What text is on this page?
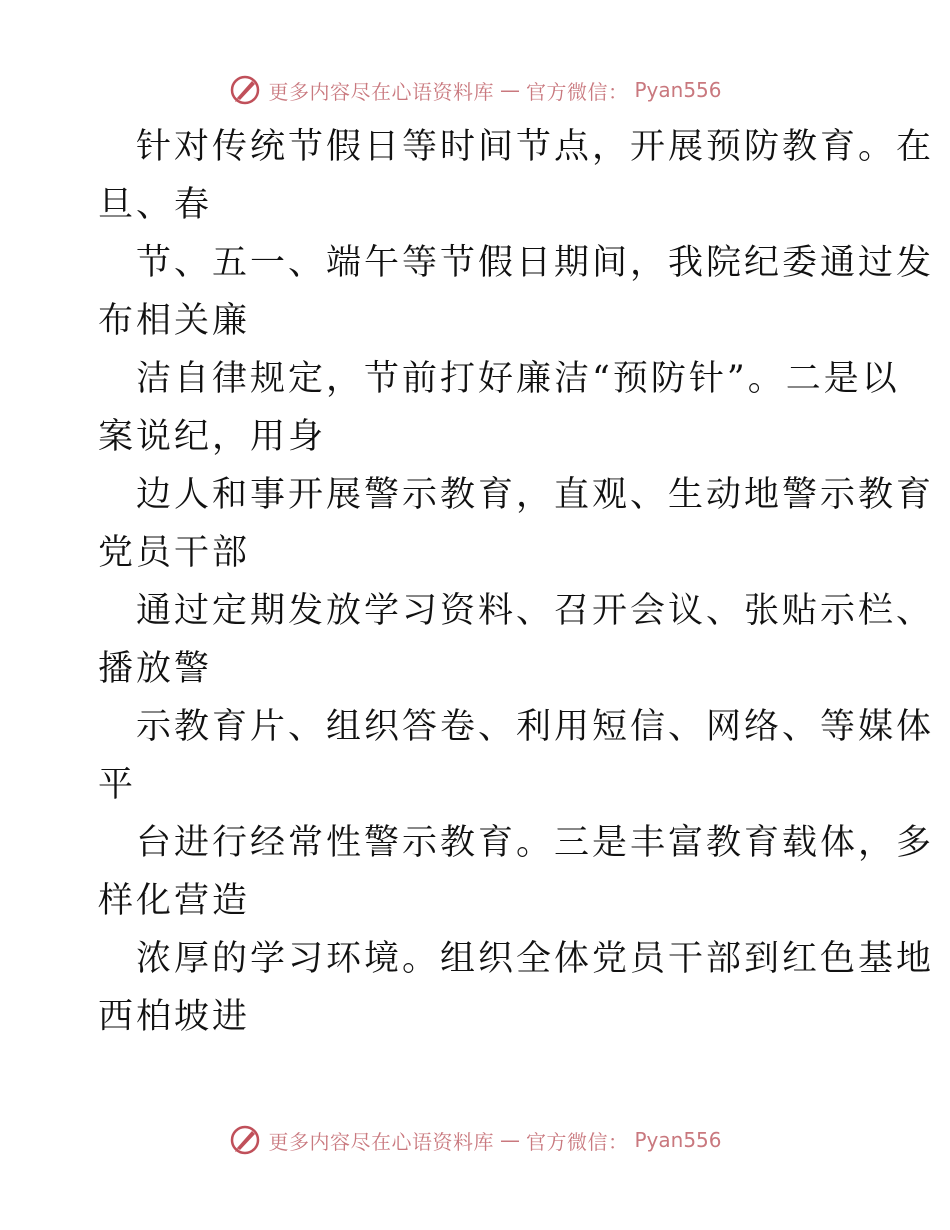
更多内容尽在心语资料库 — 官方微信： Pyan556
针对传统节假日等时间节点，开展预防教育。在
旦、春
节、五一、端午等节假日期间，我院纪委通过发
布相关廉
洁自律规定，节前打好廉洁“预防针”。二是以
案说纪，用身
边人和事开展警示教育，直观、生动地警示教育
党员干部
通过定期发放学习资料、召开会议、张贴示栏、
播放警
示教育片、组织答卷、利用短信、网络、等媒体
平
台进行经常性警示教育。三是丰富教育载体，多
样化营造
浓厚的学习环境。组织全体党员干部到红色基地
西柏坡进
更多内容尽在心语资料库 — 官方微信： Pyan556
